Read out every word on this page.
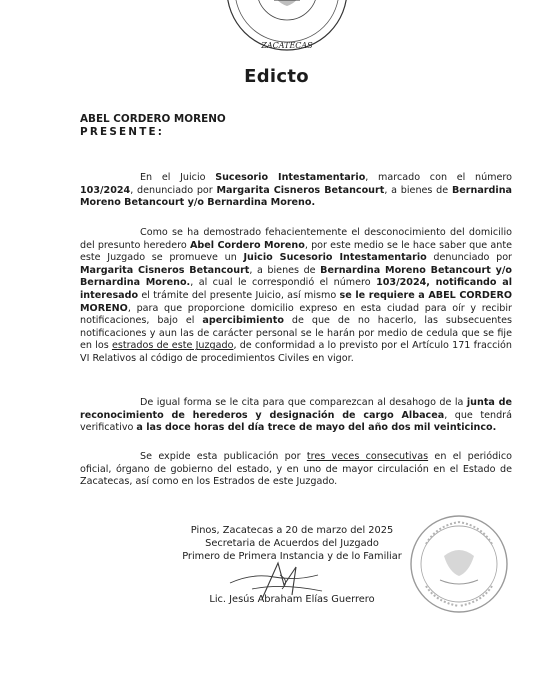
ZACATECAS
Edicto
ABEL CORDERO MORENO
PRESENTE:

En el Juicio Sucesorio Intestamentario, marcado con el número 103/2024, denunciado por Margarita Cisneros Betancourt, a bienes de Bernardina Moreno Betancourt y/o Bernardina Moreno.

Como se ha demostrado fehacientemente el desconocimiento del domicilio del presunto heredero Abel Cordero Moreno, por este medio se le hace saber que ante este Juzgado se promueve un Juicio Sucesorio Intestamentario denunciado por Margarita Cisneros Betancourt, a bienes de Bernardina Moreno Betancourt y/o Bernardina Moreno., al cual le correspondió el número 103/2024, notificando al interesado el trámite del presente Juicio, así mismo se le requiere a ABEL CORDERO MORENO, para que proporcione domicilio expreso en esta ciudad para oír y recibir notificaciones, bajo el apercibimiento de que de no hacerlo, las subsecuentes notificaciones y aun las de carácter personal se le harán por medio de cedula que se fije en los estrados de este Juzgado, de conformidad a lo previsto por el Artículo 171 fracción VI Relativos al código de procedimientos Civiles en vigor.

De igual forma se le cita para que comparezcan al desahogo de la junta de reconocimiento de herederos y designación de cargo Albacea, que tendrá verificativo a las doce horas del día trece de mayo del año dos mil veinticinco.

Se expide esta publicación por tres veces consecutivas en el periódico oficial, órgano de gobierno del estado, y en uno de mayor circulación en el Estado de Zacatecas, así como en los Estrados de este Juzgado.

Pinos, Zacatecas a 20 de marzo del 2025
Secretaria de Acuerdos del Juzgado
Primero de Primera Instancia y de lo Familiar
Lic. Jesús Abraham Elías Guerrero
